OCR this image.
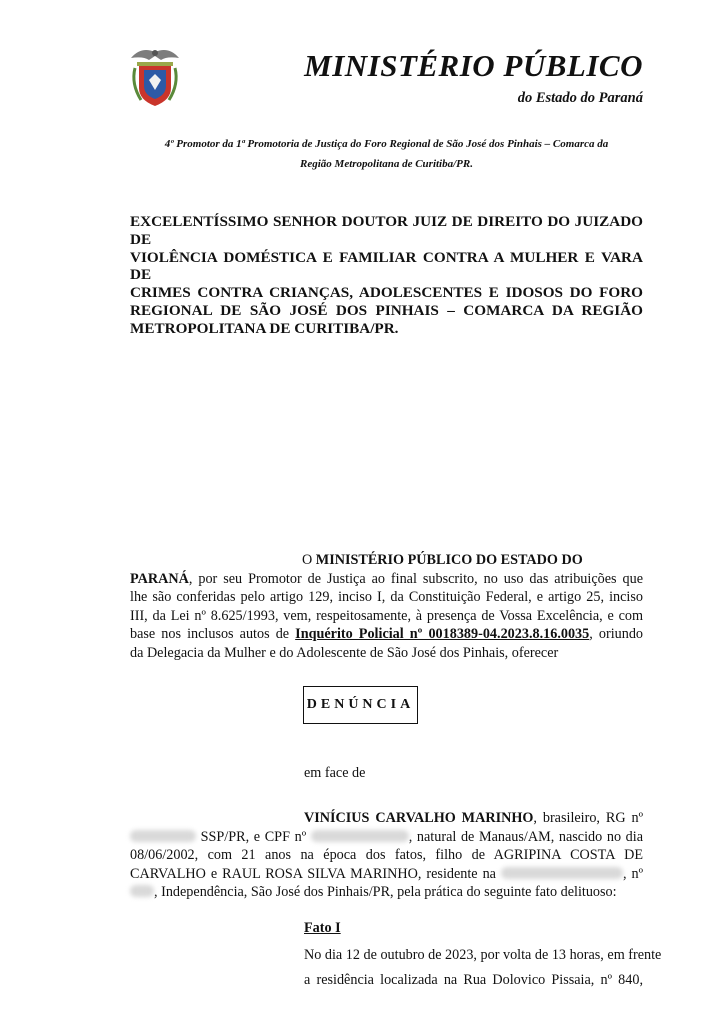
MINISTÉRIO PÚBLICO
do Estado do Paraná
4º Promotor da 1ª Promotoria de Justiça do Foro Regional de São José dos Pinhais – Comarca da
Região Metropolitana de Curitiba/PR.
EXCELENTÍSSIMO SENHOR DOUTOR JUIZ DE DIREITO DO JUIZADO DE
VIOLÊNCIA DOMÉSTICA E FAMILIAR CONTRA A MULHER E VARA DE
CRIMES CONTRA CRIANÇAS, ADOLESCENTES E IDOSOS DO FORO
REGIONAL DE SÃO JOSÉ DOS PINHAIS – COMARCA DA REGIÃO
METROPOLITANA DE CURITIBA/PR.
O MINISTÉRIO PÚBLICO DO ESTADO DO
PARANÁ, por seu Promotor de Justiça ao final subscrito, no uso das atribuições que
lhe são conferidas pelo artigo 129, inciso I, da Constituição Federal, e artigo 25, inciso
III, da Lei nº 8.625/1993, vem, respeitosamente, à presença de Vossa Excelência, e com
base nos inclusos autos de Inquérito Policial nº 0018389-04.2023.8.16.0035, oriundo
da Delegacia da Mulher e do Adolescente de São José dos Pinhais, oferecer
DENÚNCIA
em face de
VINÍCIUS CARVALHO MARINHO, brasileiro, RG nº
SSP/PR, e CPF nº	, natural de Manaus/AM, nascido no dia
08/06/2002, com 21 anos na época dos fatos, filho de AGRIPINA COSTA DE
CARVALHO e RAUL ROSA SILVA MARINHO, residente na	, nº
, Independência, São José dos Pinhais/PR, pela prática do seguinte fato delituoso:
Fato I
No dia 12 de outubro de 2023, por volta de 13 horas, em frente
a residência localizada na Rua Dolovico Pissaia, nº 840,
